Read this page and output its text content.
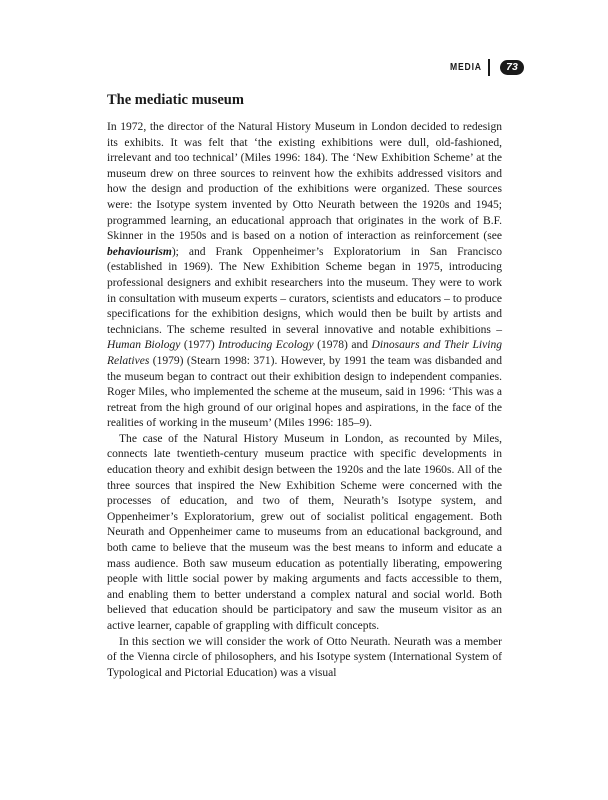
MEDIA	73
The mediatic museum

In 1972, the director of the Natural History Museum in London decided to redesign its exhibits. It was felt that ‘the existing exhibitions were dull, old-fashioned, irrelevant and too technical’ (Miles 1996: 184). The ‘New Exhibition Scheme’ at the museum drew on three sources to reinvent how the exhibits addressed visitors and how the design and production of the exhibitions were organized. These sources were: the Isotype system invented by Otto Neurath between the 1920s and 1945; programmed learning, an educational approach that originates in the work of B.F. Skinner in the 1950s and is based on a notion of interaction as reinforcement (see behaviourism); and Frank Oppenheimer’s Exploratorium in San Francisco (established in 1969). The New Exhibition Scheme began in 1975, introducing professional designers and exhibit researchers into the museum. They were to work in consultation with museum experts – curators, scientists and educators – to produce specifications for the exhibition designs, which would then be built by artists and technicians. The scheme resulted in several innovative and notable exhibitions – Human Biology (1977) Introducing Ecology (1978) and Dinosaurs and Their Living Relatives (1979) (Stearn 1998: 371). However, by 1991 the team was disbanded and the museum began to contract out their exhibition design to independent companies. Roger Miles, who implemented the scheme at the museum, said in 1996: ‘This was a retreat from the high ground of our original hopes and aspirations, in the face of the realities of working in the museum’ (Miles 1996: 185–9).

The case of the Natural History Museum in London, as recounted by Miles, connects late twentieth-century museum practice with specific developments in education theory and exhibit design between the 1920s and the late 1960s. All of the three sources that inspired the New Exhibition Scheme were concerned with the processes of education, and two of them, Neurath’s Isotype system, and Oppenheimer’s Exploratorium, grew out of socialist political engagement. Both Neurath and Oppenheimer came to museums from an educational background, and both came to believe that the museum was the best means to inform and educate a mass audience. Both saw museum education as potentially liberating, empowering people with little social power by making arguments and facts accessible to them, and enabling them to better understand a complex natural and social world. Both believed that education should be participatory and saw the museum visitor as an active learner, capable of grappling with difficult concepts.

In this section we will consider the work of Otto Neurath. Neurath was a member of the Vienna circle of philosophers, and his Isotype system (International System of Typological and Pictorial Education) was a visual
